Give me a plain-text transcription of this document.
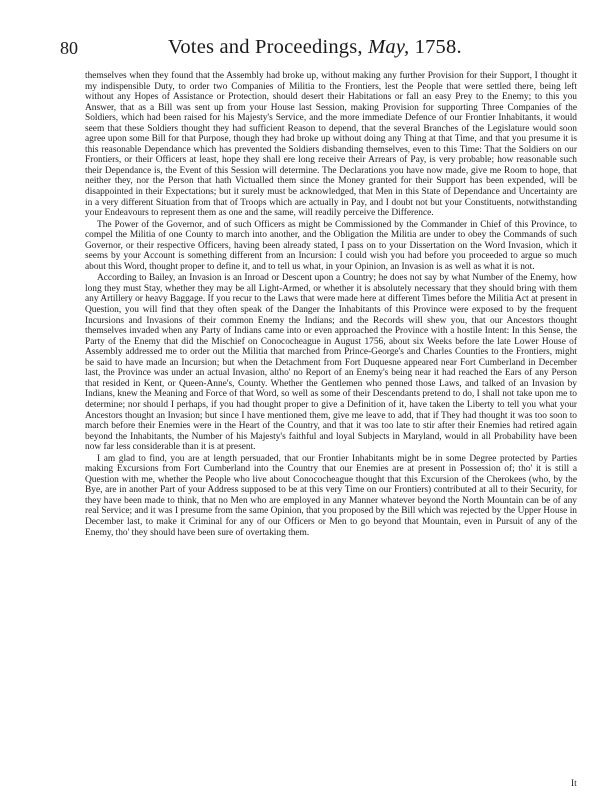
80	Votes and Proceedings, May, 1758.

themselves when they found that the Assembly had broke up, without making any further Provision for their Support, I thought it my indispensible Duty, to order two Companies of Militia to the Frontiers, lest the People that were settled there, being left without any Hopes of Assistance or Protection, should desert their Habitations or fall an easy Prey to the Enemy; to this you Answer, that as a Bill was sent up from your House last Session, making Provision for supporting Three Companies of the Soldiers, which had been raised for his Majesty's Service, and the more immediate Defence of our Frontier Inhabitants, it would seem that these Soldiers thought they had sufficient Reason to depend, that the several Branches of the Legislature would soon agree upon some Bill for that Purpose, though they had broke up without doing any Thing at that Time, and that you presume it is this reasonable Dependance which has prevented the Soldiers disbanding themselves, even to this Time: That the Soldiers on our Frontiers, or their Officers at least, hope they shall ere long receive their Arrears of Pay, is very probable; how reasonable such their Dependance is, the Event of this Session will determine. The Declarations you have now made, give me Room to hope, that neither they, nor the Person that hath Victualled them since the Money granted for their Support has been expended, will be disappointed in their Expectations; but it surely must be acknowledged, that Men in this State of Dependance and Uncertainty are in a very different Situation from that of Troops which are actually in Pay, and I doubt not but your Constituents, notwithstanding your Endeavours to represent them as one and the same, will readily perceive the Difference.

The Power of the Governor, and of such Officers as might be Commissioned by the Commander in Chief of this Province, to compel the Militia of one County to march into another, and the Obligation the Militia are under to obey the Commands of such Governor, or their respective Officers, having been already stated, I pass on to your Dissertation on the Word Invasion, which it seems by your Account is something different from an Incursion: I could wish you had before you proceeded to argue so much about this Word, thought proper to define it, and to tell us what, in your Opinion, an Invasion is as well as what it is not.

According to Bailey, an Invasion is an Inroad or Descent upon a Country; he does not say by what Number of the Enemy, how long they must Stay, whether they may be all Light-Armed, or whether it is absolutely necessary that they should bring with them any Artillery or heavy Baggage. If you recur to the Laws that were made here at different Times before the Militia Act at present in Question, you will find that they often speak of the Danger the Inhabitants of this Province were exposed to by the frequent Incursions and Invasions of their common Enemy the Indians; and the Records will shew you, that our Ancestors thought themselves invaded when any Party of Indians came into or even approached the Province with a hostile Intent: In this Sense, the Party of the Enemy that did the Mischief on Conococheague in August 1756, about six Weeks before the late Lower House of Assembly addressed me to order out the Militia that marched from Prince-George's and Charles Counties to the Frontiers, might be said to have made an Incursion; but when the Detachment from Fort Duquesne appeared near Fort Cumberland in December last, the Province was under an actual Invasion, altho' no Report of an Enemy's being near it had reached the Ears of any Person that resided in Kent, or Queen-Anne's, County. Whether the Gentlemen who penned those Laws, and talked of an Invasion by Indians, knew the Meaning and Force of that Word, so well as some of their Descendants pretend to do, I shall not take upon me to determine; nor should I perhaps, if you had thought proper to give a Definition of it, have taken the Liberty to tell you what your Ancestors thought an Invasion; but since I have mentioned them, give me leave to add, that if They had thought it was too soon to march before their Enemies were in the Heart of the Country, and that it was too late to stir after their Enemies had retired again beyond the Inhabitants, the Number of his Majesty's faithful and loyal Subjects in Maryland, would in all Probability have been now far less considerable than it is at present.

I am glad to find, you are at length persuaded, that our Frontier Inhabitants might be in some Degree protected by Parties making Excursions from Fort Cumberland into the Country that our Enemies are at present in Possession of; tho' it is still a Question with me, whether the People who live about Conococheague thought that this Excursion of the Cherokees (who, by the Bye, are in another Part of your Address supposed to be at this very Time on our Frontiers) contributed at all to their Security, for they have been made to think, that no Men who are employed in any Manner whatever beyond the North Mountain can be of any real Service; and it was I presume from the same Opinion, that you proposed by the Bill which was rejected by the Upper House in December last, to make it Criminal for any of our Officers or Men to go beyond that Mountain, even in Pursuit of any of the Enemy, tho' they should have been sure of overtaking them.

It
